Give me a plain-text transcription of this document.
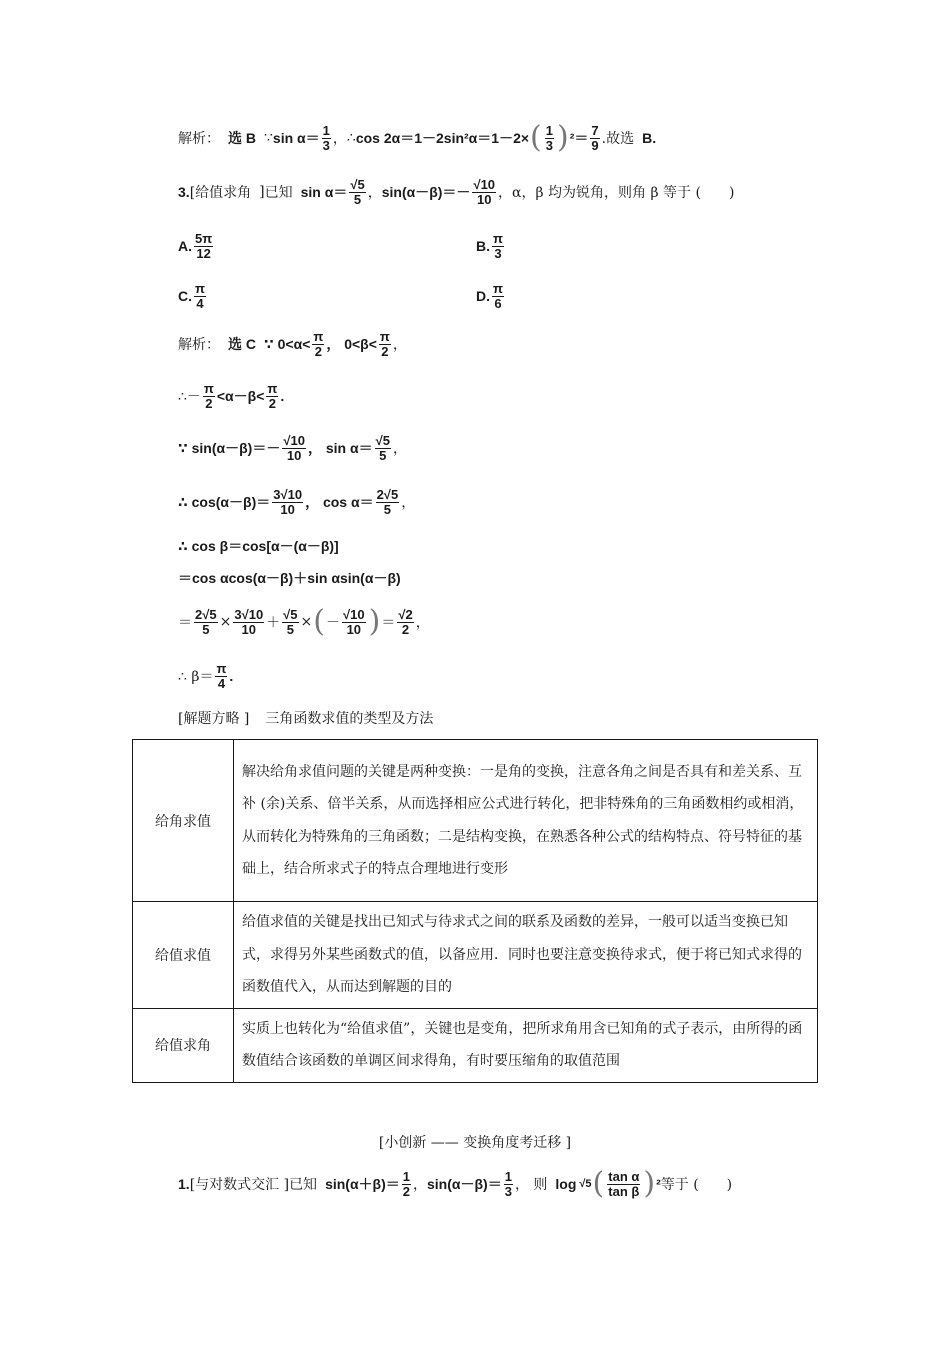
解析： 选 B ∵ $\sin \alpha= \frac{1}{3}$ ， ∴ cos 2α＝1－2sin²α＝1－2× ( $\frac{1}{3}$ ) $^2= \frac{7}{9}$ .故选 B.
3. [给值求角 ] 已知 $\sin \alpha= \frac{√5}{5}$ ， $\sin(\alpha-\beta)=- \frac{√10}{10}$ ，α，β 均为锐角，则角 β 等于 (　　)
A. $\frac{5\pi}{12}$	B. $\frac{\pi}{3}$
C. $\frac{\pi}{4}$	D. $\frac{\pi}{6}$
解析： 选 C ∵ $0<\alpha< \frac{\pi}{2}$ ， $0<\beta< \frac{\pi}{2}$ ，
∴－ $\frac{\pi}{2} <\alpha-\beta< \frac{\pi}{2}$ .
∵ $\sin(\alpha-\beta)=- \frac{√10}{10}$ ， $\sin \alpha= \frac{√5}{5}$ ，
∴ $\cos(\alpha-\beta)= \frac{3√10}{10}$ ， $\cos \alpha= \frac{2√5}{5}$ ，
∴ cos β＝cos[α－(α－β)]
＝cos αcos(α－β)＋sin αsin(α－β)
＝ $\frac{2√5}{5} \times \frac{3√10}{10} + \frac{√5}{5}$ × ( － $\frac{√10}{10}$ ) ＝ $\frac{√2}{2}$ ，
∴ $\beta= \frac{\pi}{4}$ .
[解题方略 ] 三角函数求值的类型及方法
给角求值	解决给角求值问题的关键是两种变换：一是角的变换，注意各角之间是否具有和差关系、互补 (余)关系、倍半关系，从而选择相应公式进行转化，把非特殊角的三角函数相约或相消，从而转化为特殊角的三角函数；二是结构变换，在熟悉各种公式的结构特点、符号特征的基础上，结合所求式子的特点合理地进行变形
给值求值	给值求值的关键是找出已知式与待求式之间的联系及函数的差异，一般可以适当变换已知式，求得另外某些函数式的值，以备应用．同时也要注意变换待求式，便于将已知式求得的函数值代入，从而达到解题的目的
给值求角	实质上也转化为“给值求值”，关键也是变角，把所求角用含已知角的式子表示，由所得的函数值结合该函数的单调区间求得角，有时要压缩角的取值范围
[小创新 —— 变换角度考迁移 ]
1. [与对数式交汇 ] 已知 $\sin(\alpha+\beta)= \frac{1}{2}$ ， $\sin(\alpha-\beta)= \frac{1}{3}$ ， 则 log √5 ( $\frac{\text{tan α}}{\text{tan β}}$ ) ² 等于 (　　)
